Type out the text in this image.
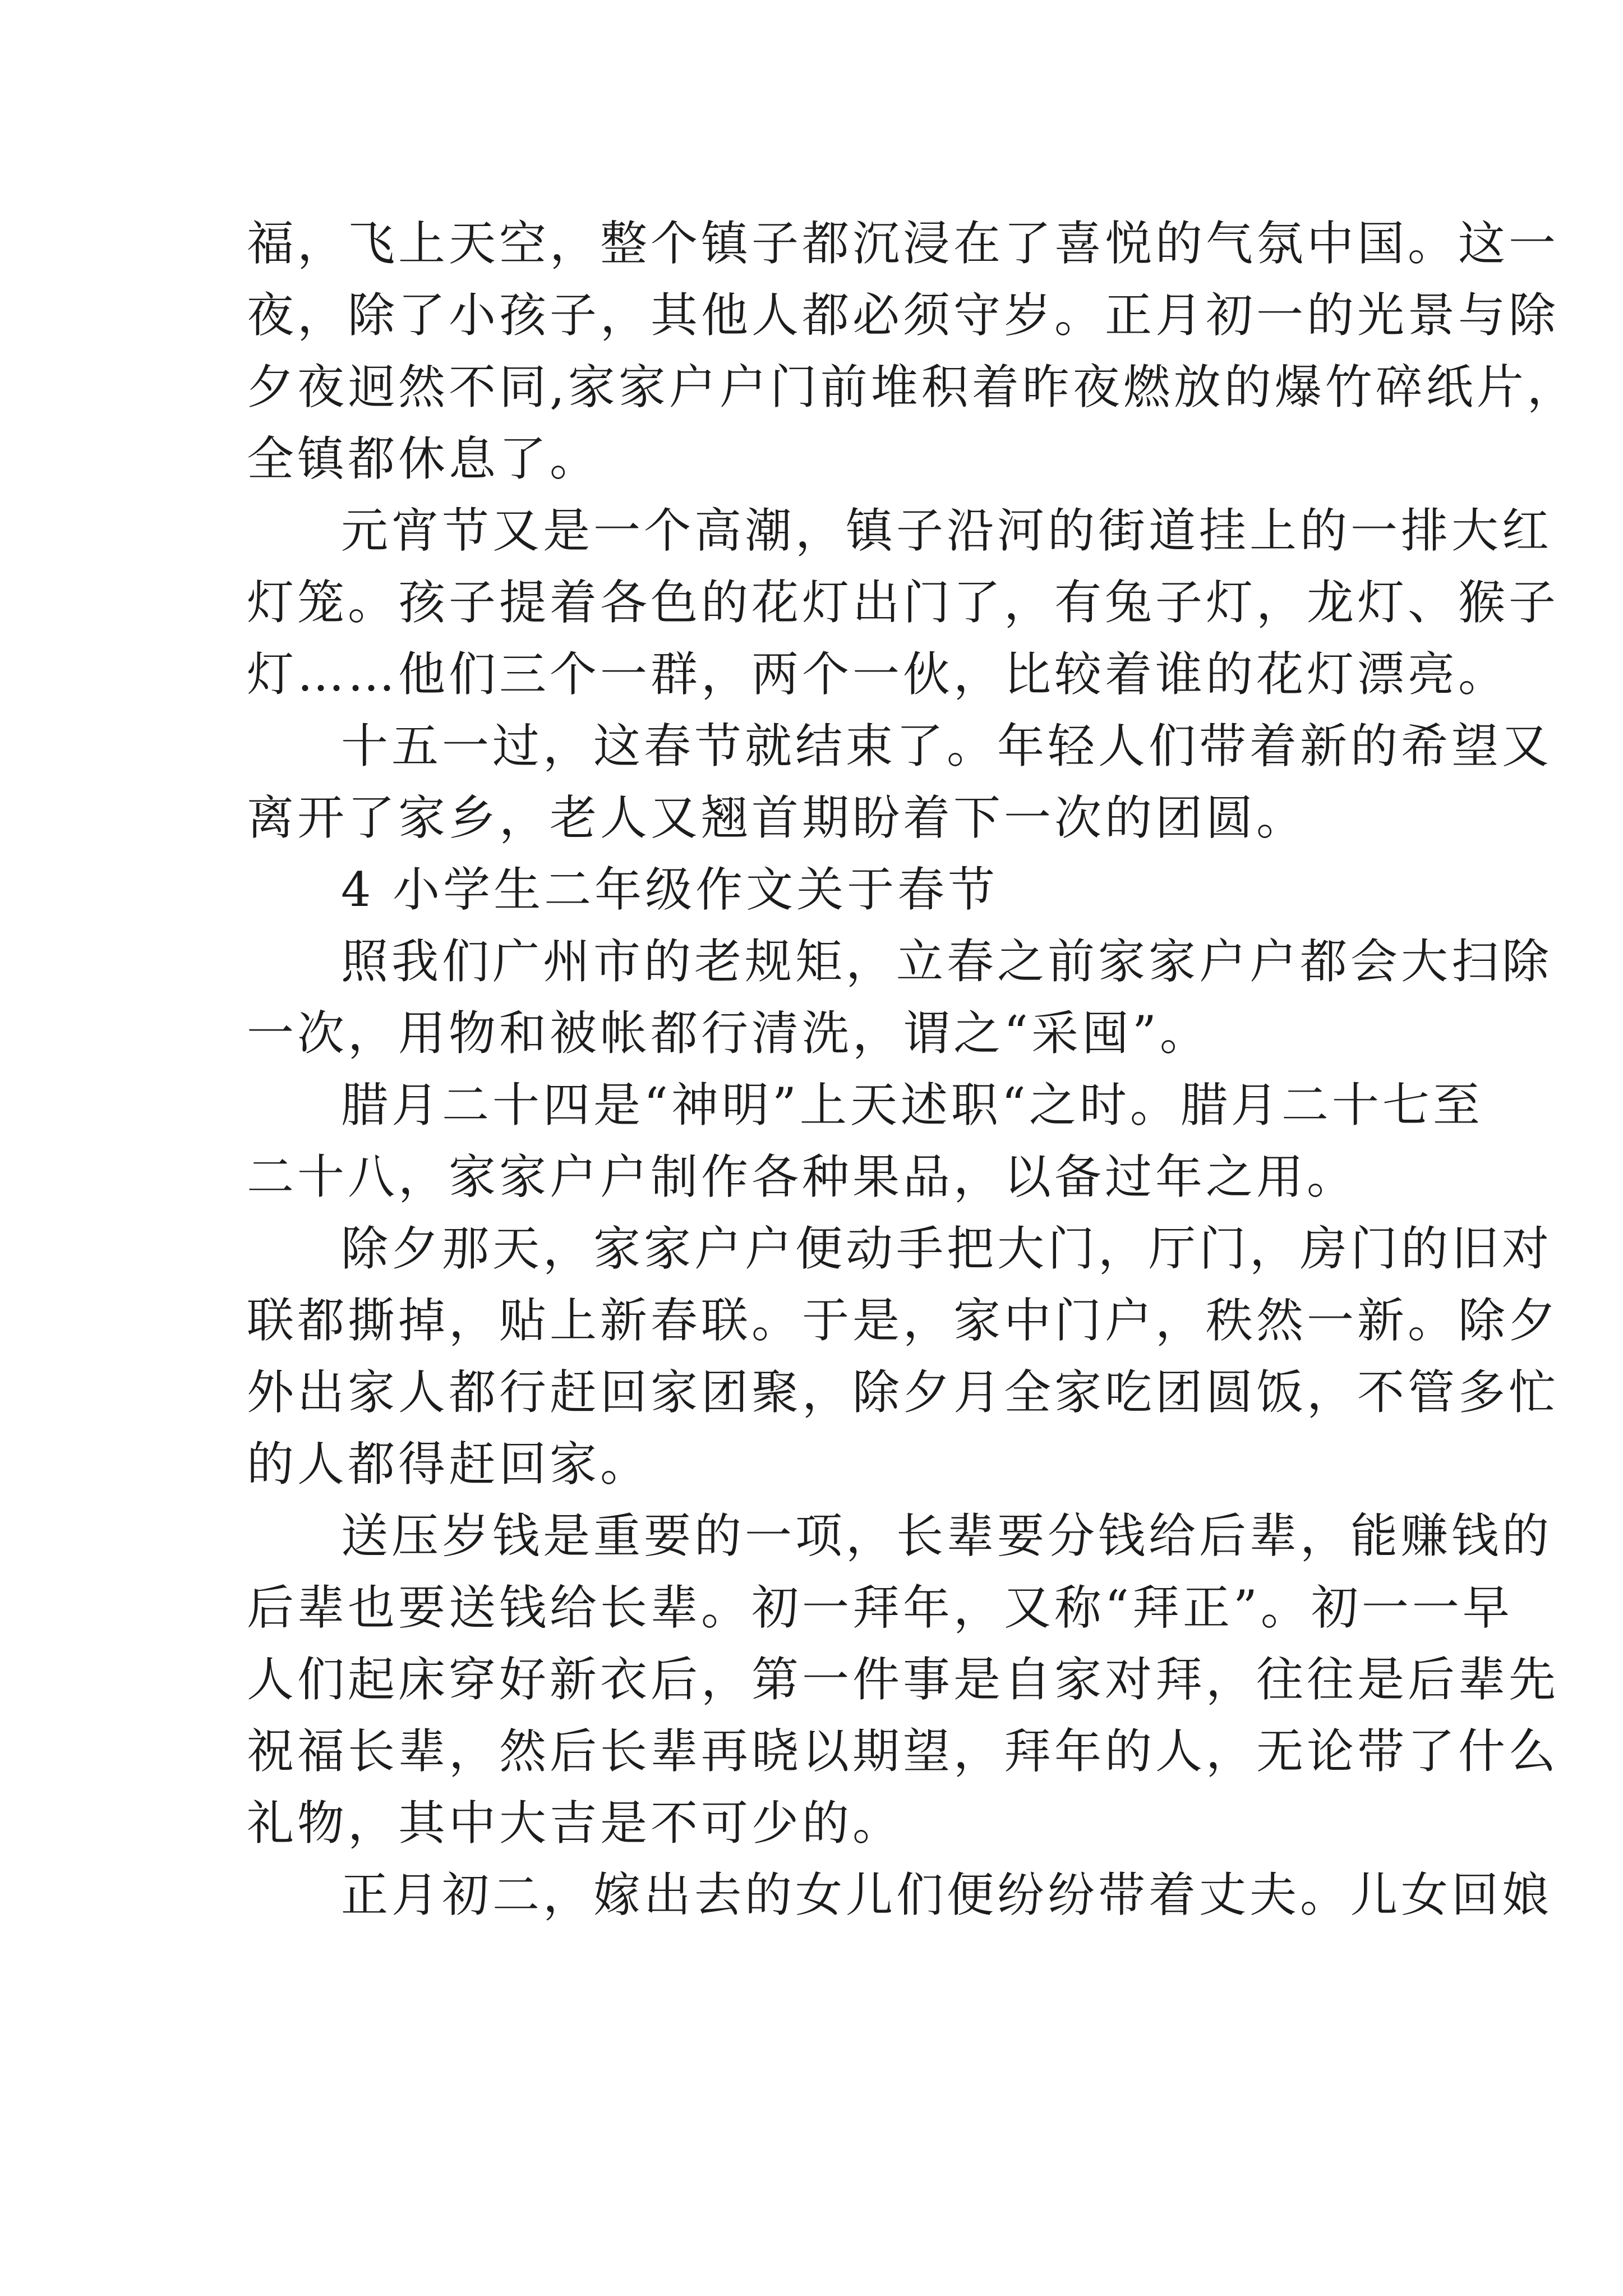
福，飞上天空，整个镇子都沉浸在了喜悦的气氛中国。这一
夜，除了小孩子，其他人都必须守岁。正月初一的光景与除
夕夜迥然不同,家家户户门前堆积着昨夜燃放的爆竹碎纸片，
全镇都休息了。
元宵节又是一个高潮，镇子沿河的街道挂上的一排大红
灯笼。孩子提着各色的花灯出门了，有兔子灯，龙灯、猴子
灯……他们三个一群，两个一伙，比较着谁的花灯漂亮。
十五一过，这春节就结束了。年轻人们带着新的希望又
离开了家乡，老人又翘首期盼着下一次的团圆。
4 小学生二年级作文关于春节
照我们广州市的老规矩，立春之前家家户户都会大扫除
一次，用物和被帐都行清洗，谓之“采囤”。
腊月二十四是“神明”上天述职“之时。腊月二十七至
二十八，家家户户制作各种果品，以备过年之用。
除夕那天，家家户户便动手把大门，厅门，房门的旧对
联都撕掉，贴上新春联。于是，家中门户，秩然一新。除夕
外出家人都行赶回家团聚，除夕月全家吃团圆饭，不管多忙
的人都得赶回家。
送压岁钱是重要的一项，长辈要分钱给后辈，能赚钱的
后辈也要送钱给长辈。初一拜年，又称“拜正”。初一一早
人们起床穿好新衣后，第一件事是自家对拜，往往是后辈先
祝福长辈，然后长辈再晓以期望，拜年的人，无论带了什么
礼物，其中大吉是不可少的。
正月初二，嫁出去的女儿们便纷纷带着丈夫。儿女回娘
